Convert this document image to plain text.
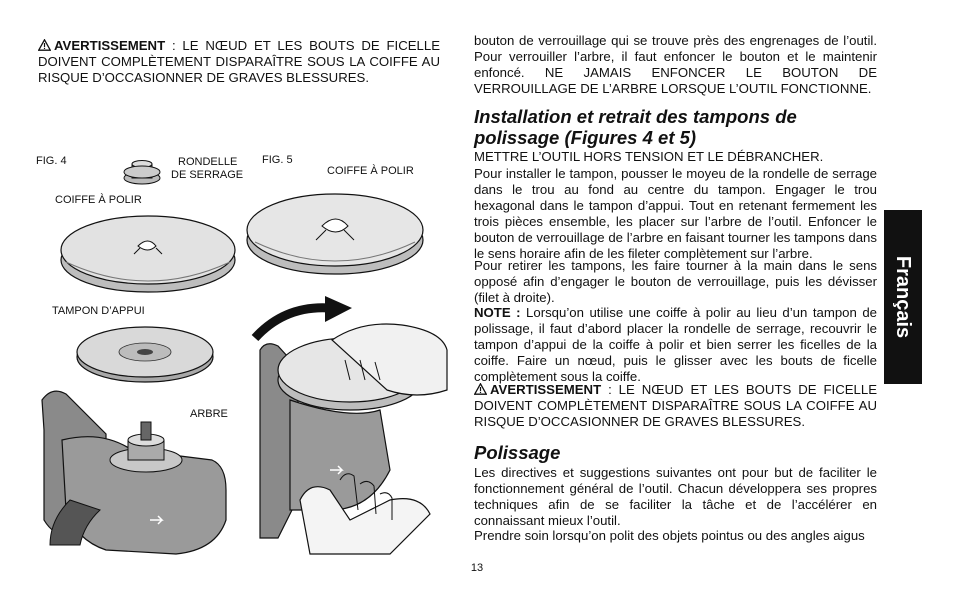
AVERTISSEMENT : LE NŒUD ET LES BOUTS DE FICELLE DOIVENT COMPLÈTEMENT DISPARAÎTRE SOUS LA COIFFE AU RISQUE D’OCCASIONNER DE GRAVES BLESSURES.
FIG. 4	RONDELLE
DE SERRAGE
COIFFE À POLIR
TAMPON D’APPUI
ARBRE
FIG. 5
COIFFE À POLIR
bouton de verrouillage qui se trouve près des engrenages de l’outil. Pour verrouiller l’arbre, il faut enfoncer le bouton et le maintenir enfoncé. NE JAMAIS ENFONCER LE BOUTON DE VERROUILLAGE DE L’ARBRE LORSQUE L’OUTIL FONCTIONNE.
Installation et retrait des tampons de polissage (Figures 4 et 5)
METTRE L’OUTIL HORS TENSION ET LE DÉBRANCHER.
Pour installer le tampon, pousser le moyeu de la rondelle de serrage dans le trou au fond au centre du tampon. Engager le trou hexagonal dans le tampon d’appui. Tout en retenant fermement les trois pièces ensemble, les placer sur l’arbre de l’outil. Enfoncer le bouton de verrouillage de l’arbre en faisant tourner les tampons dans le sens horaire afin de les fileter complètement sur l’arbre.
Pour retirer les tampons, les faire tourner à la main dans le sens opposé afin d’engager le bouton de verrouillage, puis les dévisser (filet à droite).
NOTE : Lorsqu’on utilise une coiffe à polir au lieu d’un tampon de polissage, il faut d’abord placer la rondelle de serrage, recouvrir le tampon d’appui de la coiffe à polir et bien serrer les ficelles de la coiffe. Faire un nœud, puis le glisser avec les bouts de ficelle complètement sous la coiffe.
AVERTISSEMENT : LE NŒUD ET LES BOUTS DE FICELLE DOIVENT COMPLÈTEMENT DISPARAÎTRE SOUS LA COIFFE AU RISQUE D’OCCASIONNER DE GRAVES BLESSURES.
Polissage
Les directives et suggestions suivantes ont pour but de faciliter le fonctionnement général de l’outil. Chacun développera ses propres techniques afin de se faciliter la tâche et de l’accélérer en connaissant mieux l’outil.
Prendre soin lorsqu’on polit des objets pointus ou des angles aigus
Français
13
